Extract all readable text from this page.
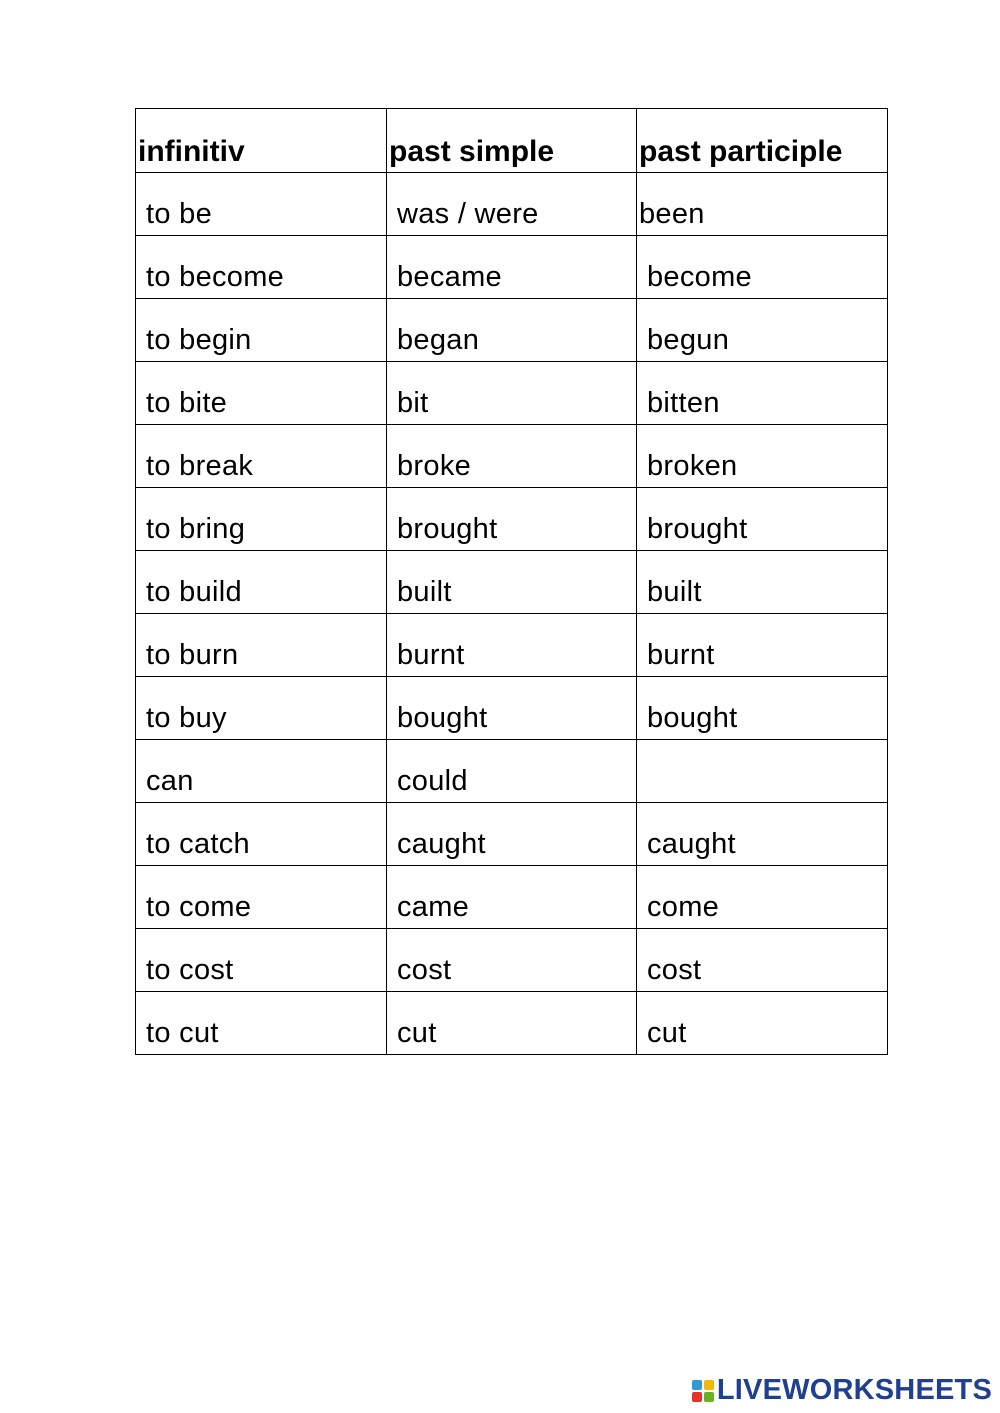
infinitiv	past simple	past participle
to be	was / were	been
to become	became	become
to begin	began	begun
to bite	bit	bitten
to break	broke	broken
to bring	brought	brought
to build	built	built
to burn	burnt	burnt
to buy	bought	bought
can	could	
to catch	caught	caught
to come	came	come
to cost	cost	cost
to cut	cut	cut
LIVEWORKSHEETS
